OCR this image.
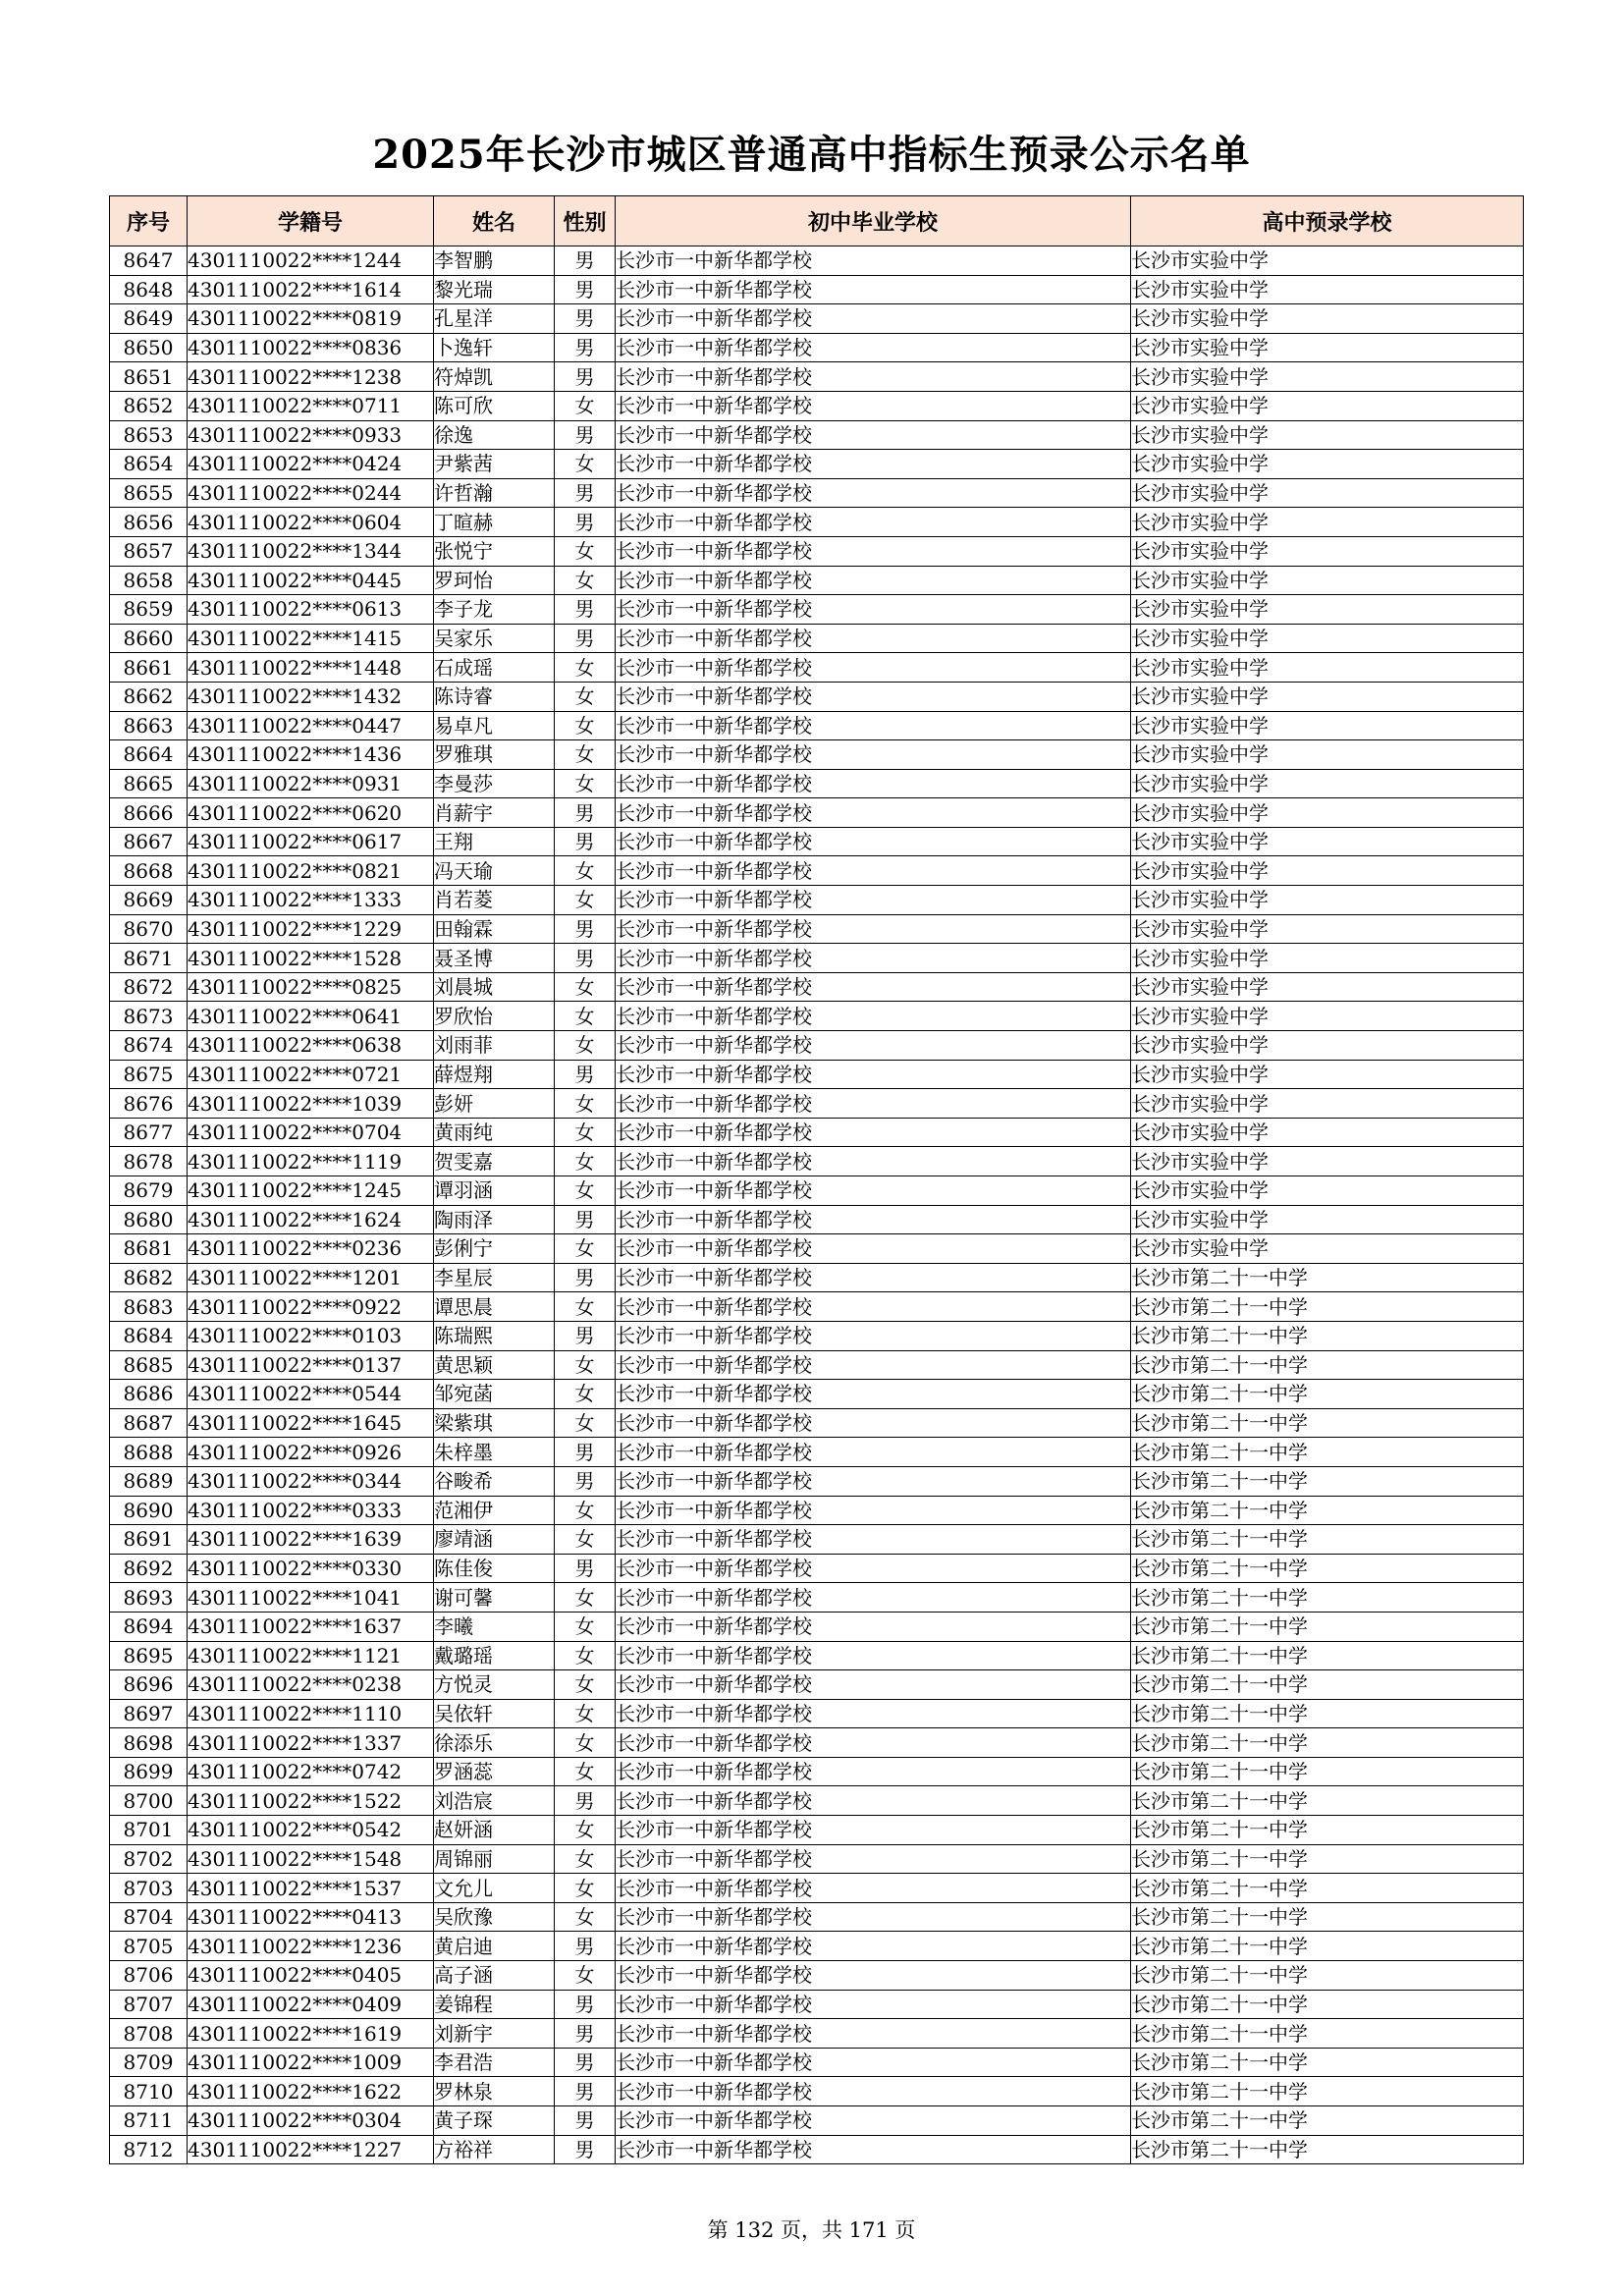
2025年长沙市城区普通高中指标生预录公示名单
序号	学籍号	姓名	性别	初中毕业学校	高中预录学校
8647	4301110022****1244	李智鹏	男	长沙市一中新华都学校	长沙市实验中学
8648	4301110022****1614	黎光瑞	男	长沙市一中新华都学校	长沙市实验中学
8649	4301110022****0819	孔星洋	男	长沙市一中新华都学校	长沙市实验中学
8650	4301110022****0836	卜逸轩	男	长沙市一中新华都学校	长沙市实验中学
8651	4301110022****1238	符焯凯	男	长沙市一中新华都学校	长沙市实验中学
8652	4301110022****0711	陈可欣	女	长沙市一中新华都学校	长沙市实验中学
8653	4301110022****0933	徐逸	男	长沙市一中新华都学校	长沙市实验中学
8654	4301110022****0424	尹紫茜	女	长沙市一中新华都学校	长沙市实验中学
8655	4301110022****0244	许哲瀚	男	长沙市一中新华都学校	长沙市实验中学
8656	4301110022****0604	丁暄赫	男	长沙市一中新华都学校	长沙市实验中学
8657	4301110022****1344	张悦宁	女	长沙市一中新华都学校	长沙市实验中学
8658	4301110022****0445	罗珂怡	女	长沙市一中新华都学校	长沙市实验中学
8659	4301110022****0613	李子龙	男	长沙市一中新华都学校	长沙市实验中学
8660	4301110022****1415	吴家乐	男	长沙市一中新华都学校	长沙市实验中学
8661	4301110022****1448	石成瑶	女	长沙市一中新华都学校	长沙市实验中学
8662	4301110022****1432	陈诗睿	女	长沙市一中新华都学校	长沙市实验中学
8663	4301110022****0447	易卓凡	女	长沙市一中新华都学校	长沙市实验中学
8664	4301110022****1436	罗雅琪	女	长沙市一中新华都学校	长沙市实验中学
8665	4301110022****0931	李曼莎	女	长沙市一中新华都学校	长沙市实验中学
8666	4301110022****0620	肖薪宇	男	长沙市一中新华都学校	长沙市实验中学
8667	4301110022****0617	王翔	男	长沙市一中新华都学校	长沙市实验中学
8668	4301110022****0821	冯天瑜	女	长沙市一中新华都学校	长沙市实验中学
8669	4301110022****1333	肖若菱	女	长沙市一中新华都学校	长沙市实验中学
8670	4301110022****1229	田翰霖	男	长沙市一中新华都学校	长沙市实验中学
8671	4301110022****1528	聂圣博	男	长沙市一中新华都学校	长沙市实验中学
8672	4301110022****0825	刘晨城	女	长沙市一中新华都学校	长沙市实验中学
8673	4301110022****0641	罗欣怡	女	长沙市一中新华都学校	长沙市实验中学
8674	4301110022****0638	刘雨菲	女	长沙市一中新华都学校	长沙市实验中学
8675	4301110022****0721	薛煜翔	男	长沙市一中新华都学校	长沙市实验中学
8676	4301110022****1039	彭妍	女	长沙市一中新华都学校	长沙市实验中学
8677	4301110022****0704	黄雨纯	女	长沙市一中新华都学校	长沙市实验中学
8678	4301110022****1119	贺雯嘉	女	长沙市一中新华都学校	长沙市实验中学
8679	4301110022****1245	谭羽涵	女	长沙市一中新华都学校	长沙市实验中学
8680	4301110022****1624	陶雨泽	男	长沙市一中新华都学校	长沙市实验中学
8681	4301110022****0236	彭俐宁	女	长沙市一中新华都学校	长沙市实验中学
8682	4301110022****1201	李星辰	男	长沙市一中新华都学校	长沙市第二十一中学
8683	4301110022****0922	谭思晨	女	长沙市一中新华都学校	长沙市第二十一中学
8684	4301110022****0103	陈瑞熙	男	长沙市一中新华都学校	长沙市第二十一中学
8685	4301110022****0137	黄思颖	女	长沙市一中新华都学校	长沙市第二十一中学
8686	4301110022****0544	邹宛菡	女	长沙市一中新华都学校	长沙市第二十一中学
8687	4301110022****1645	梁紫琪	女	长沙市一中新华都学校	长沙市第二十一中学
8688	4301110022****0926	朱梓墨	男	长沙市一中新华都学校	长沙市第二十一中学
8689	4301110022****0344	谷畯希	男	长沙市一中新华都学校	长沙市第二十一中学
8690	4301110022****0333	范湘伊	女	长沙市一中新华都学校	长沙市第二十一中学
8691	4301110022****1639	廖靖涵	女	长沙市一中新华都学校	长沙市第二十一中学
8692	4301110022****0330	陈佳俊	男	长沙市一中新华都学校	长沙市第二十一中学
8693	4301110022****1041	谢可馨	女	长沙市一中新华都学校	长沙市第二十一中学
8694	4301110022****1637	李曦	女	长沙市一中新华都学校	长沙市第二十一中学
8695	4301110022****1121	戴璐瑶	女	长沙市一中新华都学校	长沙市第二十一中学
8696	4301110022****0238	方悦灵	女	长沙市一中新华都学校	长沙市第二十一中学
8697	4301110022****1110	吴依轩	女	长沙市一中新华都学校	长沙市第二十一中学
8698	4301110022****1337	徐添乐	女	长沙市一中新华都学校	长沙市第二十一中学
8699	4301110022****0742	罗涵蕊	女	长沙市一中新华都学校	长沙市第二十一中学
8700	4301110022****1522	刘浩宸	男	长沙市一中新华都学校	长沙市第二十一中学
8701	4301110022****0542	赵妍涵	女	长沙市一中新华都学校	长沙市第二十一中学
8702	4301110022****1548	周锦丽	女	长沙市一中新华都学校	长沙市第二十一中学
8703	4301110022****1537	文允儿	女	长沙市一中新华都学校	长沙市第二十一中学
8704	4301110022****0413	吴欣豫	女	长沙市一中新华都学校	长沙市第二十一中学
8705	4301110022****1236	黄启迪	男	长沙市一中新华都学校	长沙市第二十一中学
8706	4301110022****0405	高子涵	女	长沙市一中新华都学校	长沙市第二十一中学
8707	4301110022****0409	姜锦程	男	长沙市一中新华都学校	长沙市第二十一中学
8708	4301110022****1619	刘新宇	男	长沙市一中新华都学校	长沙市第二十一中学
8709	4301110022****1009	李君浩	男	长沙市一中新华都学校	长沙市第二十一中学
8710	4301110022****1622	罗林泉	男	长沙市一中新华都学校	长沙市第二十一中学
8711	4301110022****0304	黄子琛	男	长沙市一中新华都学校	长沙市第二十一中学
8712	4301110022****1227	方裕祥	男	长沙市一中新华都学校	长沙市第二十一中学
第 132 页，共 171 页
